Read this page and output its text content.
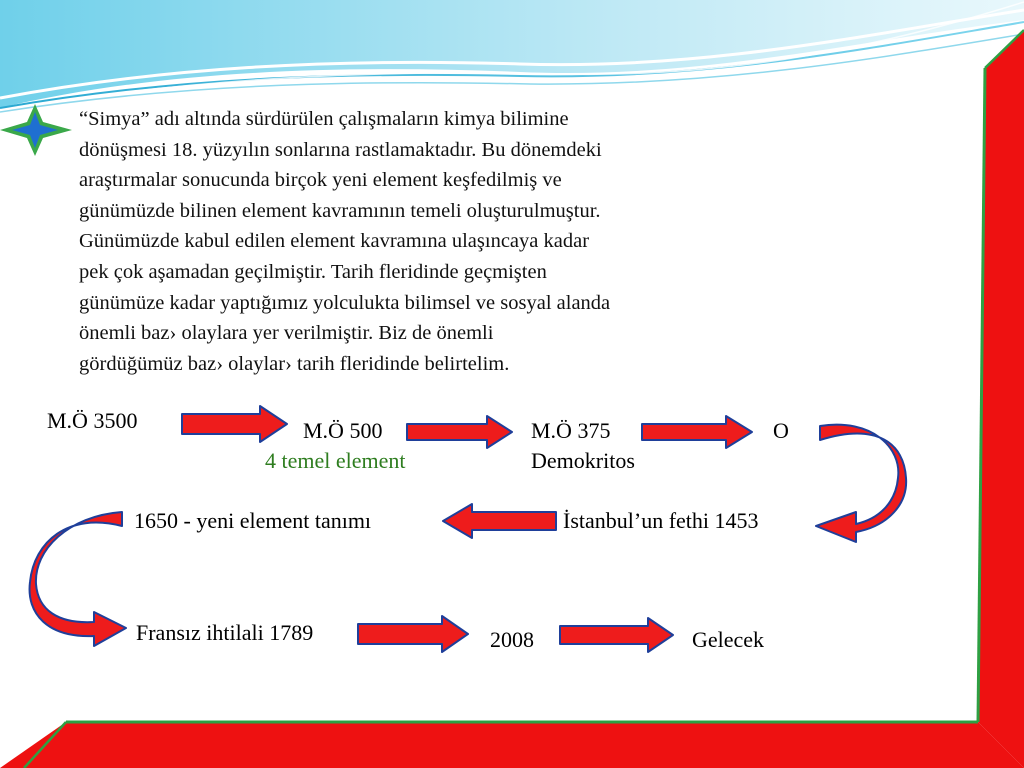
“Simya” adı altında sürdürülen çalışmaların kimya bilimine
dönüşmesi 18. yüzyılın sonlarına rastlamaktadır. Bu dönemdeki
araştırmalar sonucunda birçok yeni element keşfedilmiş ve
günümüzde bilinen element kavramının temeli oluşturulmuştur.
Günümüzde kabul edilen element kavramına ulaşıncaya kadar
pek çok aşamadan geçilmiştir. Tarih fleridinde geçmişten
günümüze kadar yaptığımız yolculukta bilimsel ve sosyal alanda
önemli baz› olaylara yer verilmiştir. Biz de önemli
gördüğümüz baz› olaylar› tarih fleridinde belirtelim.
M.Ö 3500	M.Ö 500
4 temel element
M.Ö 375
Demokritos
O
İstanbul’un fethi 1453
1650 - yeni element tanımı
Fransız ihtilali 1789	2008	Gelecek
